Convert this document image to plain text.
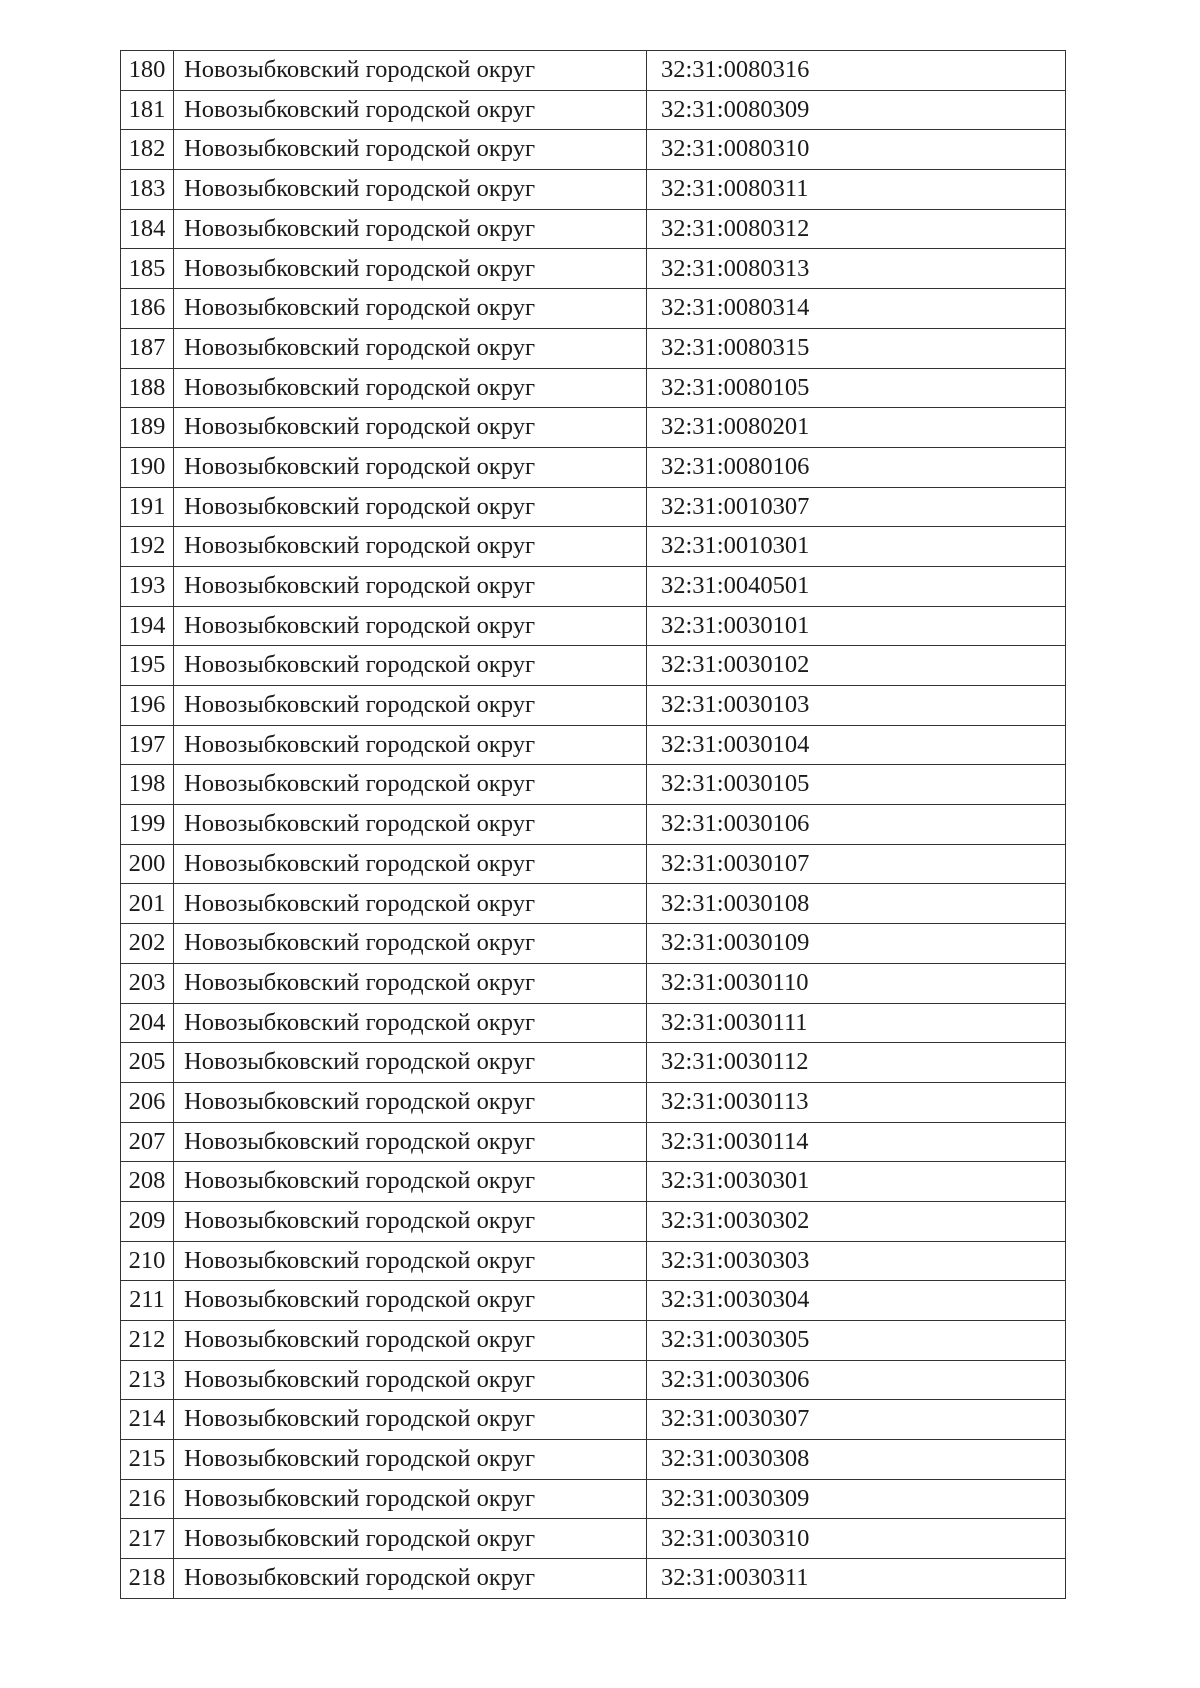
180	Новозыбковский городской округ	32:31:0080316
181	Новозыбковский городской округ	32:31:0080309
182	Новозыбковский городской округ	32:31:0080310
183	Новозыбковский городской округ	32:31:0080311
184	Новозыбковский городской округ	32:31:0080312
185	Новозыбковский городской округ	32:31:0080313
186	Новозыбковский городской округ	32:31:0080314
187	Новозыбковский городской округ	32:31:0080315
188	Новозыбковский городской округ	32:31:0080105
189	Новозыбковский городской округ	32:31:0080201
190	Новозыбковский городской округ	32:31:0080106
191	Новозыбковский городской округ	32:31:0010307
192	Новозыбковский городской округ	32:31:0010301
193	Новозыбковский городской округ	32:31:0040501
194	Новозыбковский городской округ	32:31:0030101
195	Новозыбковский городской округ	32:31:0030102
196	Новозыбковский городской округ	32:31:0030103
197	Новозыбковский городской округ	32:31:0030104
198	Новозыбковский городской округ	32:31:0030105
199	Новозыбковский городской округ	32:31:0030106
200	Новозыбковский городской округ	32:31:0030107
201	Новозыбковский городской округ	32:31:0030108
202	Новозыбковский городской округ	32:31:0030109
203	Новозыбковский городской округ	32:31:0030110
204	Новозыбковский городской округ	32:31:0030111
205	Новозыбковский городской округ	32:31:0030112
206	Новозыбковский городской округ	32:31:0030113
207	Новозыбковский городской округ	32:31:0030114
208	Новозыбковский городской округ	32:31:0030301
209	Новозыбковский городской округ	32:31:0030302
210	Новозыбковский городской округ	32:31:0030303
211	Новозыбковский городской округ	32:31:0030304
212	Новозыбковский городской округ	32:31:0030305
213	Новозыбковский городской округ	32:31:0030306
214	Новозыбковский городской округ	32:31:0030307
215	Новозыбковский городской округ	32:31:0030308
216	Новозыбковский городской округ	32:31:0030309
217	Новозыбковский городской округ	32:31:0030310
218	Новозыбковский городской округ	32:31:0030311
